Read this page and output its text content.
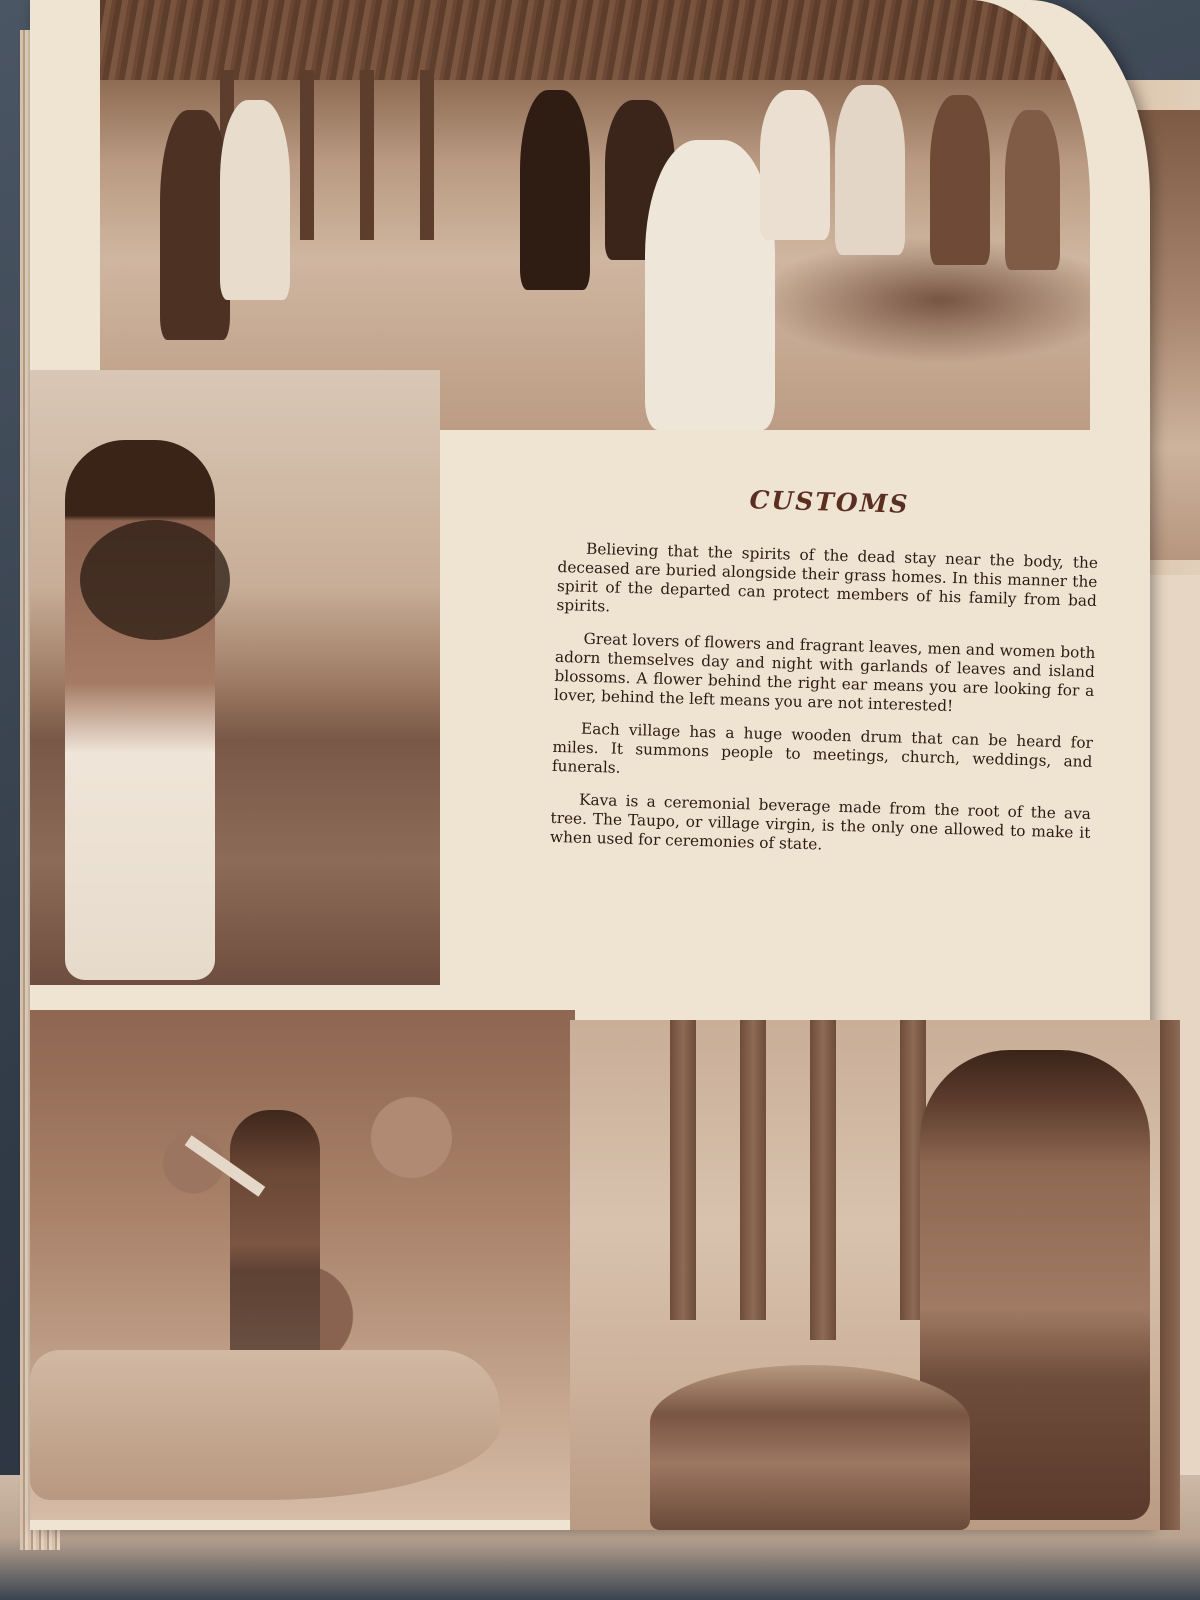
CUSTOMS

Believing that the spirits of the dead stay near the body, the deceased are buried alongside their grass homes. In this manner the spirit of the departed can protect members of his family from bad spirits.

Great lovers of flowers and fragrant leaves, men and women both adorn themselves day and night with garlands of leaves and island blossoms. A flower behind the right ear means you are looking for a lover, behind the left means you are not interested!

Each village has a huge wooden drum that can be heard for miles. It summons people to meetings, church, weddings, and funerals.

Kava is a ceremonial beverage made from the root of the ava tree. The Taupo, or village virgin, is the only one allowed to make it when used for ceremonies of state.
